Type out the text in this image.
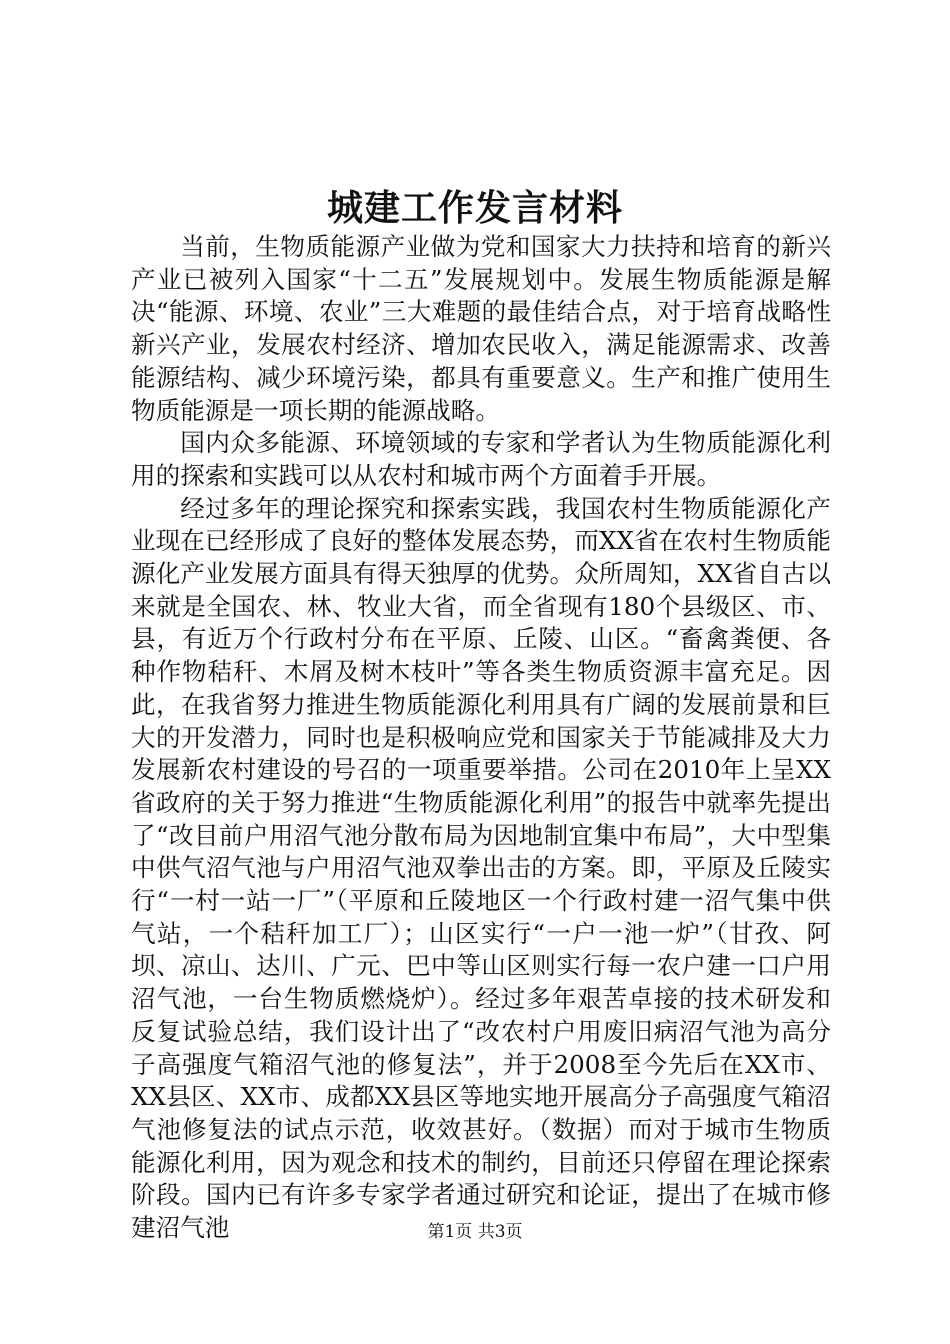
城建工作发言材料

当前，生物质能源产业做为党和国家大力扶持和培育的新兴产业已被列入国家“十二五”发展规划中。发展生物质能源是解决“能源、环境、农业”三大难题的最佳结合点，对于培育战略性新兴产业，发展农村经济、增加农民收入，满足能源需求、改善能源结构、减少环境污染，都具有重要意义。生产和推广使用生物质能源是一项长期的能源战略。

国内众多能源、环境领域的专家和学者认为生物质能源化利用的探索和实践可以从农村和城市两个方面着手开展。

经过多年的理论探究和探索实践，我国农村生物质能源化产业现在已经形成了良好的整体发展态势，而XX省在农村生物质能源化产业发展方面具有得天独厚的优势。众所周知，XX省自古以来就是全国农、林、牧业大省，而全省现有180个县级区、市、县，有近万个行政村分布在平原、丘陵、山区。“畜禽粪便、各种作物秸秆、木屑及树木枝叶”等各类生物质资源丰富充足。因此，在我省努力推进生物质能源化利用具有广阔的发展前景和巨大的开发潜力，同时也是积极响应党和国家关于节能减排及大力发展新农村建设的号召的一项重要举措。公司在2010年上呈XX省政府的关于努力推进“生物质能源化利用”的报告中就率先提出了“改目前户用沼气池分散布局为因地制宜集中布局”，大中型集中供气沼气池与户用沼气池双拳出击的方案。即，平原及丘陵实行“一村一站一厂”（平原和丘陵地区一个行政村建一沼气集中供气站，一个秸秆加工厂）；山区实行“一户一池一炉”（甘孜、阿坝、凉山、达川、广元、巴中等山区则实行每一农户建一口户用沼气池，一台生物质燃烧炉）。经过多年艰苦卓接的技术研发和反复试验总结，我们设计出了“改农村户用废旧病沼气池为高分子高强度气箱沼气池的修复法”，并于2008至今先后在XX市、XX县区、XX市、成都XX县区等地实地开展高分子高强度气箱沼气池修复法的试点示范，收效甚好。（数据）而对于城市生物质能源化利用，因为观念和技术的制约，目前还只停留在理论探索阶段。国内已有许多专家学者通过研究和论证，提出了在城市修建沼气池	第1页 共3页
